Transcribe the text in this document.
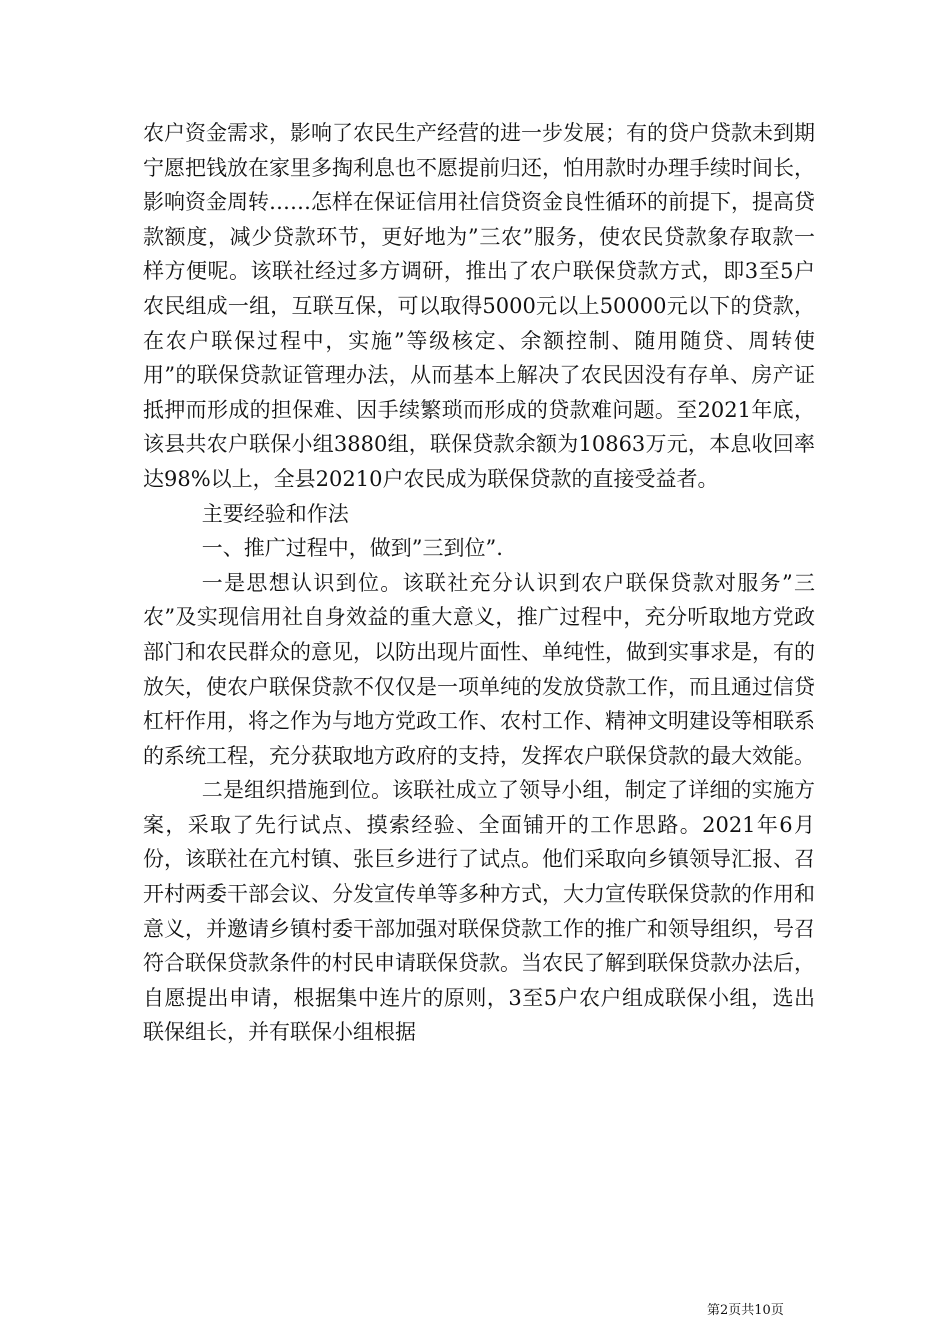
农户资金需求，影响了农民生产经营的进一步发展；有的贷户贷款未到期宁愿把钱放在家里多掏利息也不愿提前归还，怕用款时办理手续时间长，影响资金周转……怎样在保证信用社信贷资金良性循环的前提下，提高贷款额度，减少贷款环节，更好地为”三农”服务，使农民贷款象存取款一样方便呢。该联社经过多方调研，推出了农户联保贷款方式，即3至5户农民组成一组，互联互保，可以取得5000元以上50000元以下的贷款，在农户联保过程中，实施”等级核定、余额控制、随用随贷、周转使用”的联保贷款证管理办法，从而基本上解决了农民因没有存单、房产证抵押而形成的担保难、因手续繁琐而形成的贷款难问题。至2021年底，该县共农户联保小组3880组，联保贷款余额为10863万元，本息收回率达98%以上，全县20210户农民成为联保贷款的直接受益者。

主要经验和作法

一、推广过程中，做到”三到位”.

一是思想认识到位。该联社充分认识到农户联保贷款对服务”三农”及实现信用社自身效益的重大意义，推广过程中，充分听取地方党政部门和农民群众的意见，以防出现片面性、单纯性，做到实事求是，有的放矢，使农户联保贷款不仅仅是一项单纯的发放贷款工作，而且通过信贷杠杆作用，将之作为与地方党政工作、农村工作、精神文明建设等相联系的系统工程，充分获取地方政府的支持，发挥农户联保贷款的最大效能。

二是组织措施到位。该联社成立了领导小组，制定了详细的实施方案，采取了先行试点、摸索经验、全面铺开的工作思路。2021年6月份，该联社在亢村镇、张巨乡进行了试点。他们采取向乡镇领导汇报、召开村两委干部会议、分发宣传单等多种方式，大力宣传联保贷款的作用和意义，并邀请乡镇村委干部加强对联保贷款工作的推广和领导组织，号召符合联保贷款条件的村民申请联保贷款。当农民了解到联保贷款办法后，自愿提出申请，根据集中连片的原则，3至5户农户组成联保小组，选出联保组长，并有联保小组根据

第2页共10页
